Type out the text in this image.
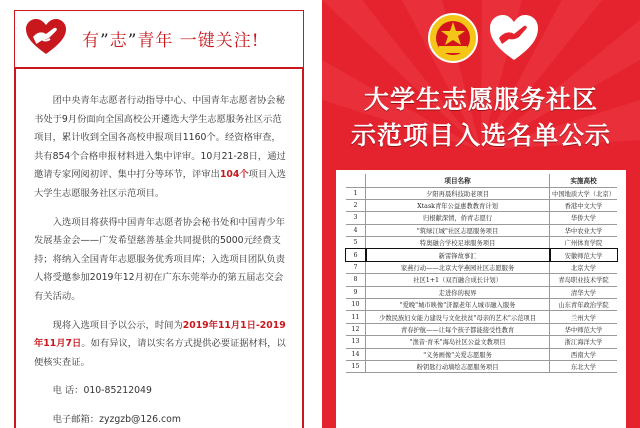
有”志”青年 一键关注!

团中央青年志愿者行动指导中心、中国青年志愿者协会秘书处于9月份面向全国高校公开遴选大学生志愿服务社区示范项目，累计收到全国各高校申报项目1160个。经资格审查，共有854个合格申报材料进入集中评审。10月21-28日，通过邀请专家网阅初评、集中打分等环节，评审出104个项目入选大学生志愿服务社区示范项目。

入选项目将获得中国青年志愿者协会秘书处和中国青少年发展基金会——广发希望慈善基金共同提供的5000元经费支持；将纳入全国青年志愿服务优秀项目库；入选项目团队负责人将受邀参加2019年12月初在广东东莞举办的第五届志交会有关活动。

现将入选项目予以公示，时间为2019年11月1日-2019年11月7日。如有异议，请以实名方式提供必要证据材料，以便核实查证。

电 话：010-85212049

电子邮箱：zyzgzb@126.com

大学生志愿服务社区
示范项目入选名单公示
	项目名称	实施高校
1	夕阳再晨科技助老项目	中国地质大学（北京）
2	Xtask青年公益惠教教育计划	香港中文大学
3	归根献深情，侨青志愿行	华侨大学
4	"筑绿江城"社区志愿服务项目	华中农业大学
5	特奥融合学校足球服务项目	广州体育学院
6	新雷锋故事汇	安徽师范大学
7	家燕行动——北京大学燕园社区志愿服务	北京大学
8	社区1+1（双百融合成长计划）	青岛职业技术学院
9	走进你的视界	清华大学
10	"爱晚"城市映像"济源老年人城市融入服务	山东青年政治学院
11	少数民族妇女能力建设与文化扶贫"母亲的艺术"示范项目	兰州大学
12	青春护航——让每个孩子都能接受性教育	华中师范大学
13	"渔音·育禾"海岛社区公益文教项目	浙江海洋大学
14	"义务画像"关爱志愿服务	西南大学
15	粉钥匙行动墙绘志愿服务项目	东北大学
